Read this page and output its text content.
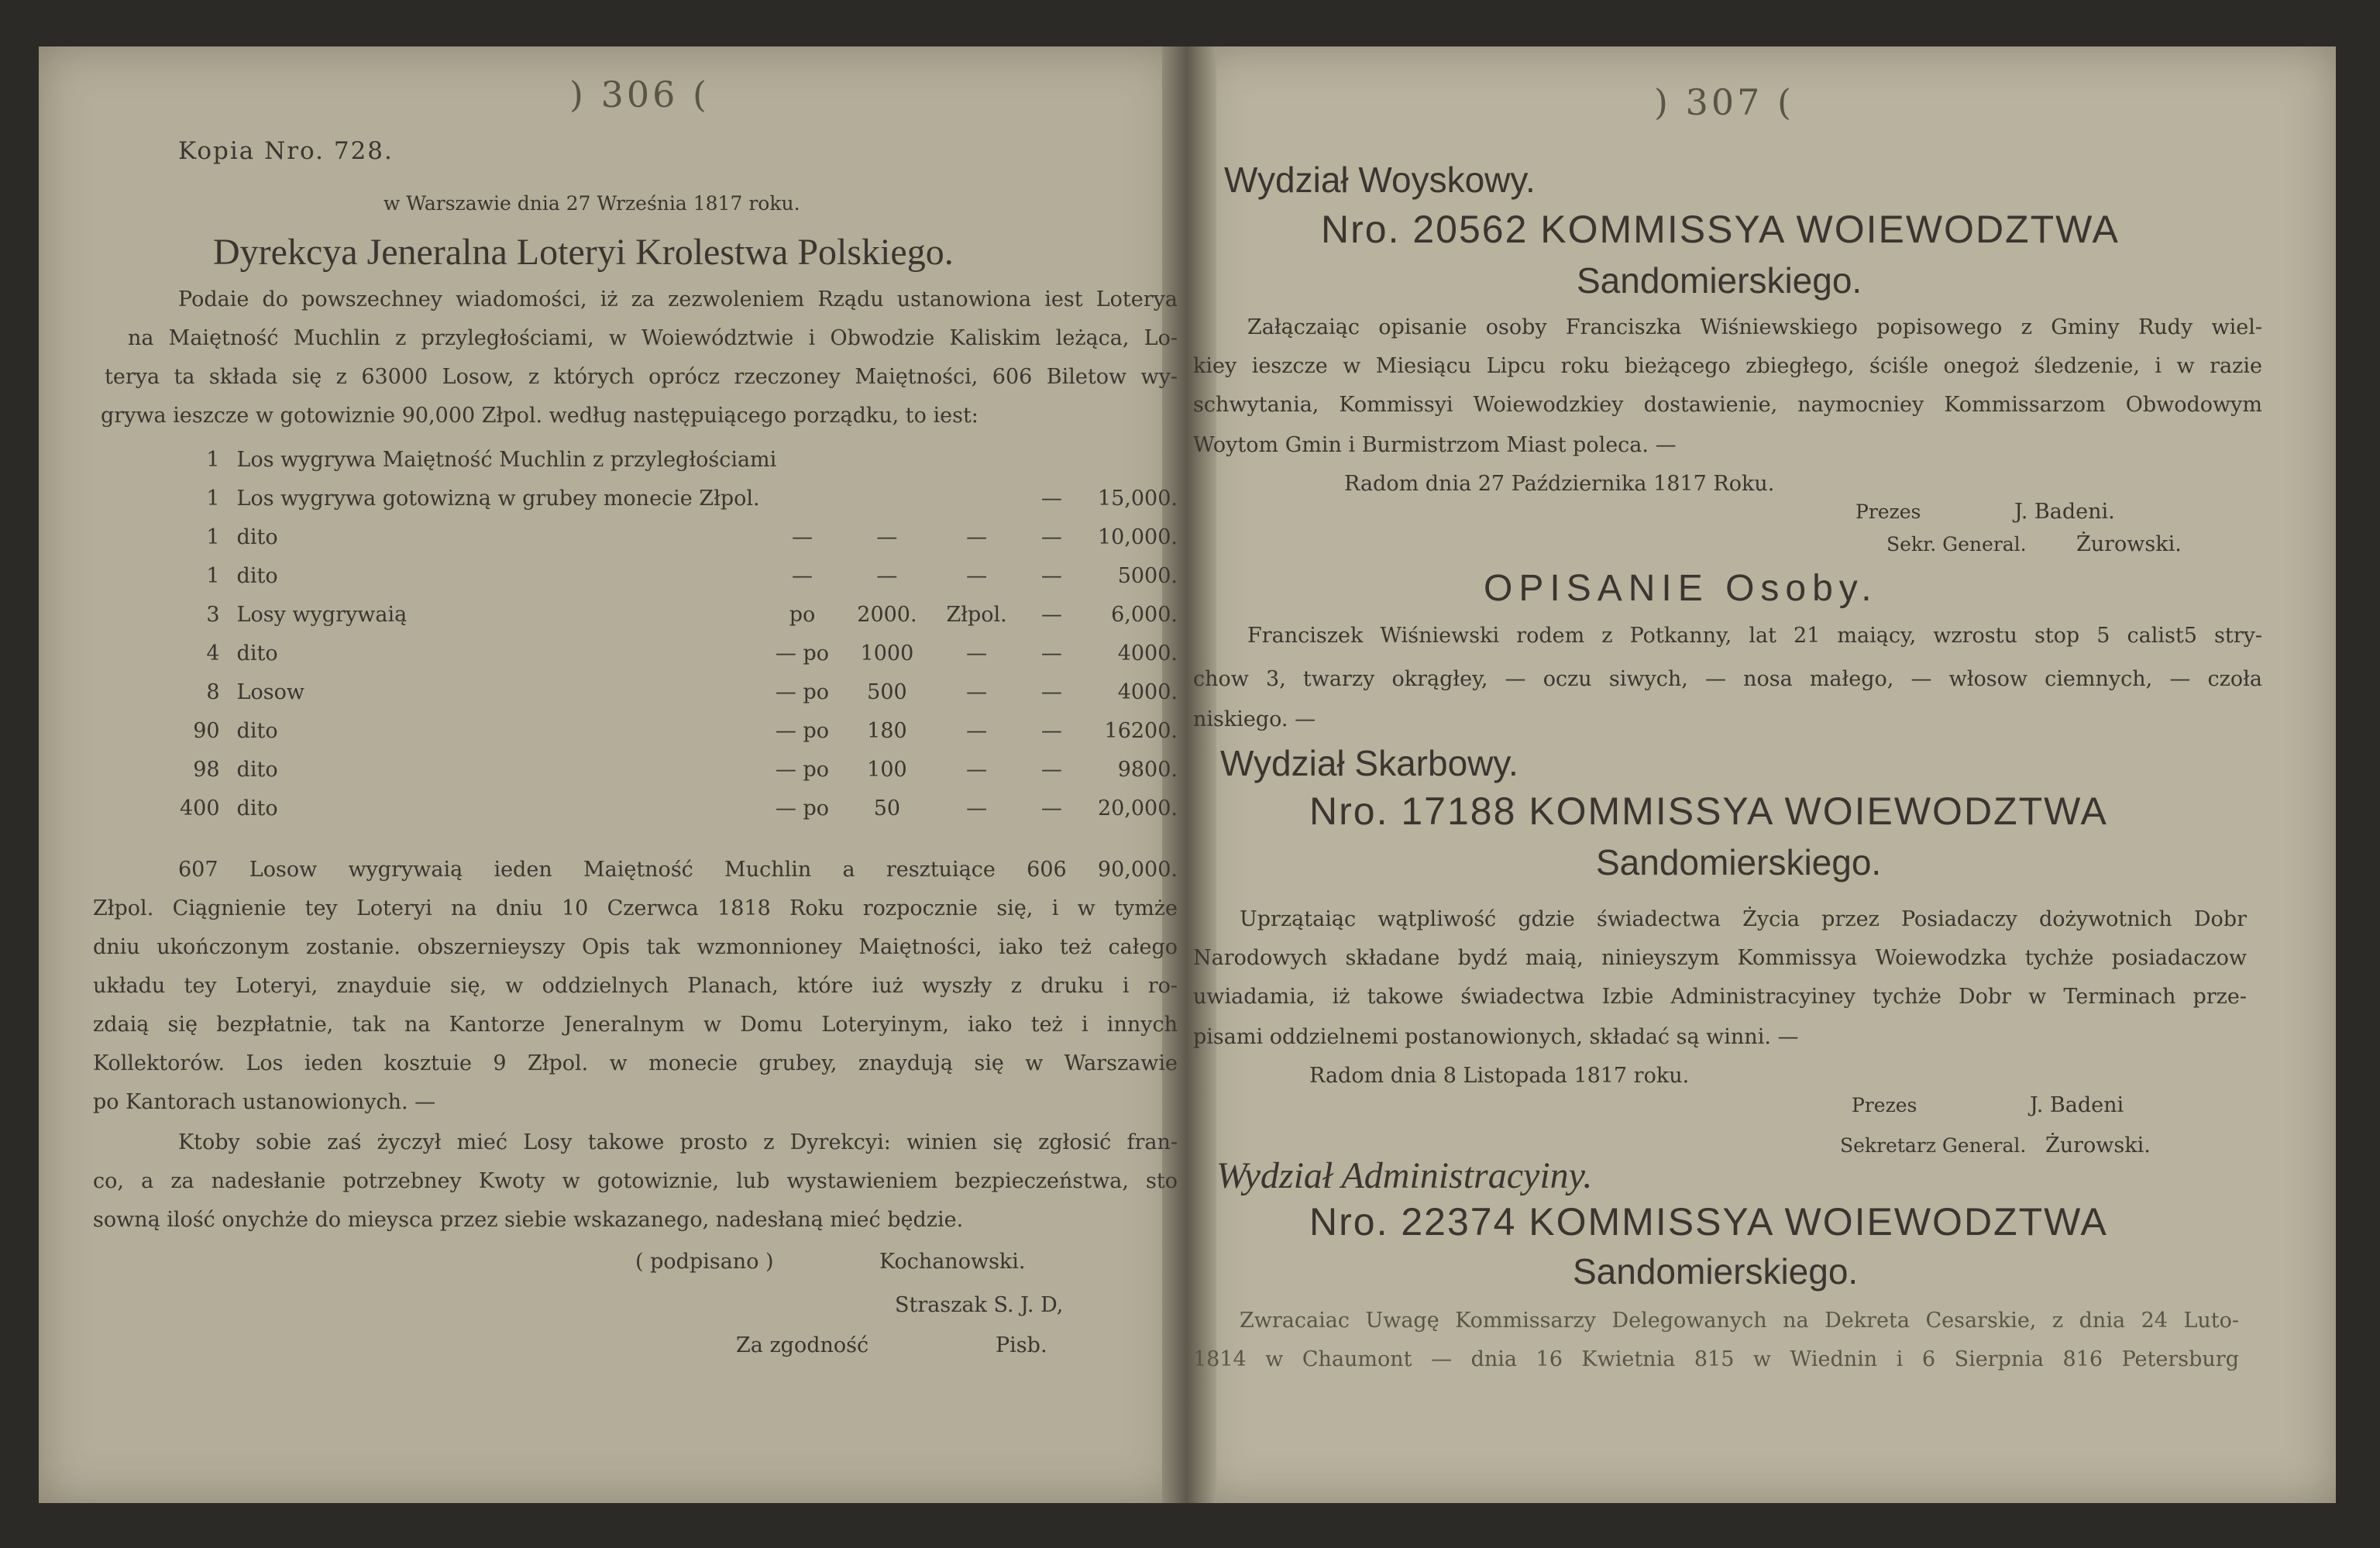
) 306 (
Kopia Nro. 728.
w Warszawie dnia 27 Września 1817 roku.
Dyrekcya Jeneralna Loteryi Krolestwa Polskiego.
Podaie do powszechney wiadomości, iż za zezwoleniem Rządu ustanowiona iest Loterya
na Maiętność Muchlin z przyległościami, w Woiewództwie i Obwodzie Kaliskim leżąca, Lo-
terya ta składa się z 63000 Losow, z których oprócz rzeczoney Maiętności, 606 Biletow wy-
grywa ieszcze w gotowiznie 90,000 Złpol. według następuiącego porządku, to iest:
1	Los wygrywa Maiętność Muchlin z przyległościami					
1	Los wygrywa gotowizną w grubey monecie Złpol.				—	15,000.
1	dito	—	—	—	—	10,000.
1	dito	—	—	—	—	5000.
3	Losy wygrywaią	po	2000.	Złpol.	—	6,000.
4	dito	— po	1000	—	—	4000.
8	Losow	— po	500	—	—	4000.
90	dito	— po	180	—	—	16200.
98	dito	— po	100	—	—	9800.
400	dito	— po	50	—	—	20,000.
607 Losow wygrywaią ieden Maiętność Muchlin a resztuiące 606 90,000.
Złpol. Ciągnienie tey Loteryi na dniu 10 Czerwca 1818 Roku rozpocznie się, i w tymże
dniu ukończonym zostanie. obszernieyszy Opis tak wzmonnioney Maiętności, iako też całego
układu tey Loteryi, znayduie się, w oddzielnych Planach, które iuż wyszły z druku i ro-
zdaią się bezpłatnie, tak na Kantorze Jeneralnym w Domu Loteryinym, iako też i innych
Kollektorów. Los ieden kosztuie 9 Złpol. w monecie grubey, znaydują się w Warszawie
po Kantorach ustanowionych. —
Ktoby sobie zaś życzył mieć Losy takowe prosto z Dyrekcyi: winien się zgłosić fran-
co, a za nadesłanie potrzebney Kwoty w gotowiznie, lub wystawieniem bezpieczeństwa, sto
sowną ilość onychże do mieysca przez siebie wskazanego, nadesłaną mieć będzie.
( podpisano )	Kochanowski.
Straszak S. J. D,
Za zgodność	Pisb.
) 307 (
Wydział Woyskowy.
Nro. 20562 KOMMISSYA WOIEWODZTWA
Sandomierskiego.
Załączaiąc opisanie osoby Franciszka Wiśniewskiego popisowego z Gminy Rudy wiel-
kiey ieszcze w Miesiącu Lipcu roku bieżącego zbiegłego, ściśle onegoż śledzenie, i w razie
schwytania, Kommissyi Woiewodzkiey dostawienie, naymocniey Kommissarzom Obwodowym
Woytom Gmin i Burmistrzom Miast poleca. —
Radom dnia 27 Października 1817 Roku.
Prezes	J. Badeni.
Sekr. General. Żurowski.
OPISANIE Osoby.
Franciszek Wiśniewski rodem z Potkanny, lat 21 maiący, wzrostu stop 5 calist5 stry-
chow 3, twarzy okrągłey, — oczu siwych, — nosa małego, — włosow ciemnych, — czoła
niskiego. —
Wydział Skarbowy.
Nro. 17188 KOMMISSYA WOIEWODZTWA
Sandomierskiego.
Uprzątaiąc wątpliwość gdzie świadectwa Życia przez Posiadaczy dożywotnich Dobr
Narodowych składane bydź maią, ninieyszym Kommissya Woiewodzka tychże posiadaczow
uwiadamia, iż takowe świadectwa Izbie Administracyiney tychże Dobr w Terminach prze-
pisami oddzielnemi postanowionych, składać są winni. —
Radom dnia 8 Listopada 1817 roku.
Prezes	J. Badeni
Sekretarz General. Żurowski.
Wydział Administracyiny.
Nro. 22374 KOMMISSYA WOIEWODZTWA
Sandomierskiego.
Zwracaiac Uwagę Kommissarzy Delegowanych na Dekreta Cesarskie, z dnia 24 Luto-
1814 w Chaumont — dnia 16 Kwietnia 815 w Wiednin i 6 Sierpnia 816 Petersburg
